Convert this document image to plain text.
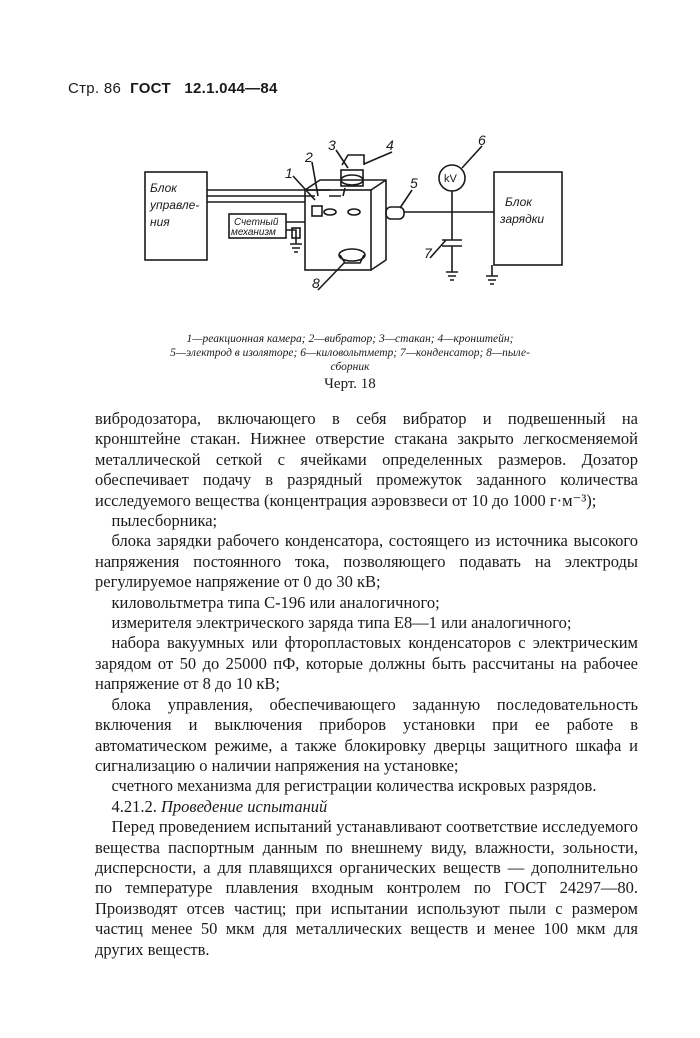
Стр. 86 ГОСТ 12.1.044—84
Блок
управле-
ния
Блок
зарядки
Счетный
механизм
kV
1
2
3	4
5
6
7
8
1—реакционная камера; 2—вибратор; 3—стакан; 4—кронштейн;
5—электрод в изоляторе; 6—киловольтметр; 7—конденсатор; 8—пыле-
сборник
Черт. 18

вибродозатора, включающего в себя вибратор и подвешенный на кронштейне стакан. Нижнее отверстие стакана закрыто легкосменяемой металлической сеткой с ячейками определенных размеров. Дозатор обеспечивает подачу в разрядный промежуток заданного количества исследуемого вещества (концентрация аэровзвеси от 10 до 1000 г·м⁻³);

пылесборника;

блока зарядки рабочего конденсатора, состоящего из источника высокого напряжения постоянного тока, позволяющего подавать на электроды регулируемое напряжение от 0 до 30 кВ;

киловольтметра типа С-196 или аналогичного;

измерителя электрического заряда типа Е8—1 или аналогичного;

набора вакуумных или фторопластовых конденсаторов с электрическим зарядом от 50 до 25000 пФ, которые должны быть рассчитаны на рабочее напряжение от 8 до 10 кВ;

блока управления, обеспечивающего заданную последовательность включения и выключения приборов установки при ее работе в автоматическом режиме, а также блокировку дверцы защитного шкафа и сигнализацию о наличии напряжения на установке;

счетного механизма для регистрации количества искровых разрядов.

4.21.2. Проведение испытаний

Перед проведением испытаний устанавливают соответствие исследуемого вещества паспортным данным по внешнему виду, влажности, зольности, дисперсности, а для плавящихся органических веществ — дополнительно по температуре плавления входным контролем по ГОСТ 24297—80. Производят отсев частиц; при испытании используют пыли с размером частиц менее 50 мкм для металлических веществ и менее 100 мкм для других веществ.
